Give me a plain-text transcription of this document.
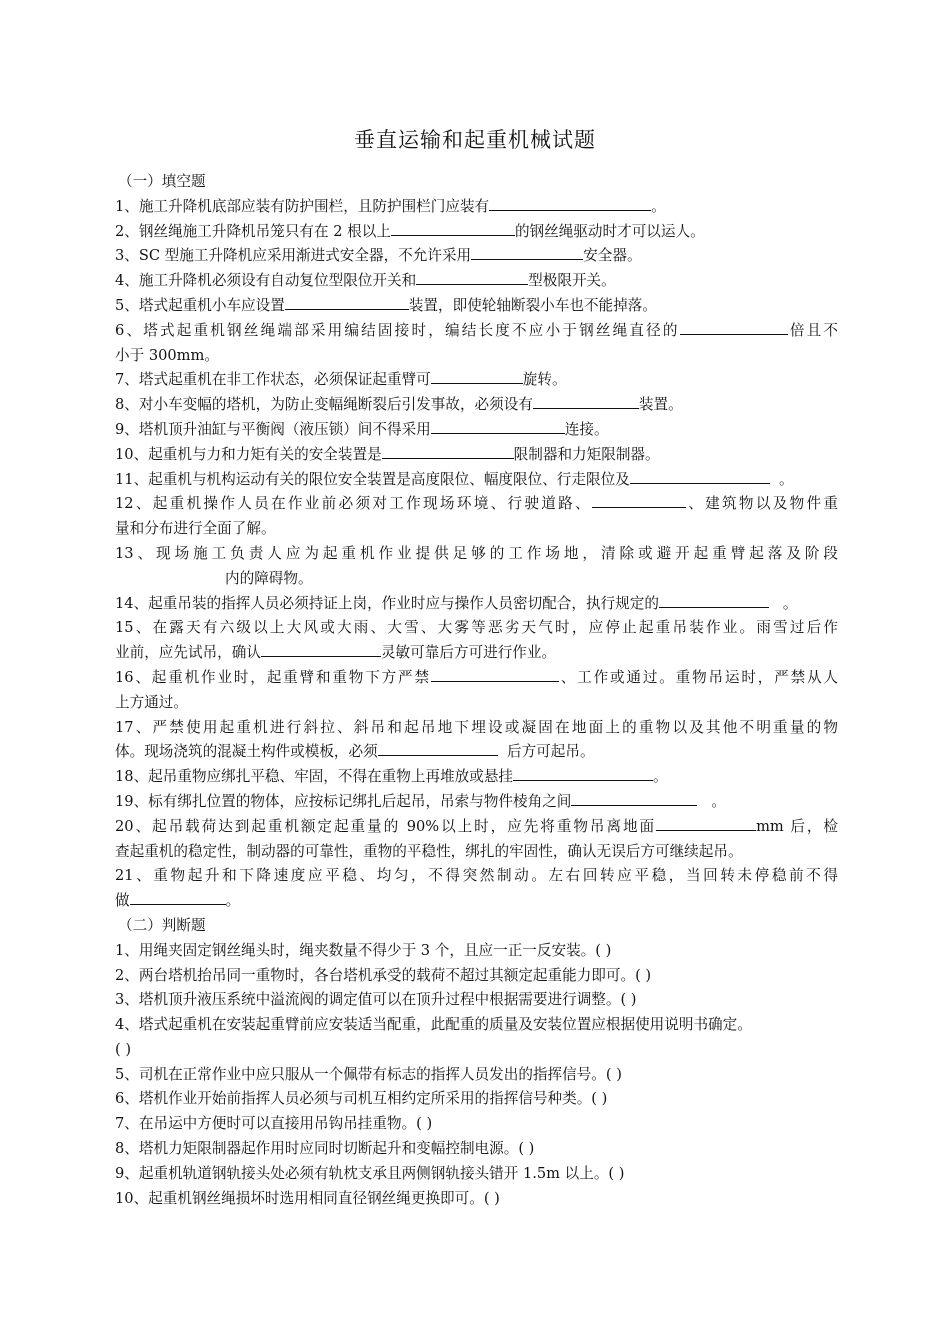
垂直运输和起重机械试题
（一）填空题
1、施工升降机底部应装有防护围栏，且防护围栏门应装有	。
2、钢丝绳施工升降机吊笼只有在 2 根以上	的钢丝绳驱动时才可以运人。
3、SC 型施工升降机应采用渐进式安全器，不允许采用	安全器。
4、施工升降机必须设有自动复位型限位开关和	型极限开关。
5、塔式起重机小车应设置	装置，即使轮轴断裂小车也不能掉落。
6、塔式起重机钢丝绳端部采用编结固接时，编结长度不应小于钢丝绳直径的	倍且不
小于 300mm。
7、塔式起重机在非工作状态，必须保证起重臂可	旋转。
8、对小车变幅的塔机，为防止变幅绳断裂后引发事故，必须设有	装置。
9、塔机顶升油缸与平衡阀（液压锁）间不得采用	连接。
10、起重机与力和力矩有关的安全装置是	限制器和力矩限制器。
11、起重机与机构运动有关的限位安全装置是高度限位、幅度限位、行走限位及	。
12、起重机操作人员在作业前必须对工作现场环境、行驶道路、	、建筑物以及物件重
量和分布进行全面了解。
13、现场施工负责人应为起重机作业提供足够的工作场地，清除或避开起重臂起落及阶段
内的障碍物。
14、起重吊装的指挥人员必须持证上岗，作业时应与操作人员密切配合，执行规定的	。
15、在露天有六级以上大风或大雨、大雪、大雾等恶劣天气时，应停止起重吊装作业。雨雪过后作
业前，应先试吊，确认	灵敏可靠后方可进行作业。
16、起重机作业时，起重臂和重物下方严禁	、工作或通过。重物吊运时，严禁从人
上方通过。
17、严禁使用起重机进行斜拉、斜吊和起吊地下埋设或凝固在地面上的重物以及其他不明重量的物
体。现场浇筑的混凝土构件或模板，必须	后方可起吊。
18、起吊重物应绑扎平稳、牢固，不得在重物上再堆放或悬挂	。
19、标有绑扎位置的物体，应按标记绑扎后起吊，吊索与物件棱角之间	。
20、起吊载荷达到起重机额定起重量的 90%以上时，应先将重物吊离地面	mm 后，检
查起重机的稳定性，制动器的可靠性，重物的平稳性，绑扎的牢固性，确认无误后方可继续起吊。
21、重物起升和下降速度应平稳、均匀，不得突然制动。左右回转应平稳，当回转未停稳前不得
做	。
（二）判断题
1、用绳夹固定钢丝绳头时，绳夹数量不得少于 3 个，且应一正一反安装。( )
2、两台塔机抬吊同一重物时，各台塔机承受的载荷不超过其额定起重能力即可。( )
3、塔机顶升液压系统中溢流阀的调定值可以在顶升过程中根据需要进行调整。( )
4、塔式起重机在安装起重臂前应安装适当配重，此配重的质量及安装位置应根据使用说明书确定。
( )
5、司机在正常作业中应只服从一个佩带有标志的指挥人员发出的指挥信号。( )
6、塔机作业开始前指挥人员必须与司机互相约定所采用的指挥信号种类。( )
7、在吊运中方便时可以直接用吊钩吊挂重物。( )
8、塔机力矩限制器起作用时应同时切断起升和变幅控制电源。( )
9、起重机轨道钢轨接头处必须有轨枕支承且两侧钢轨接头错开 1.5m 以上。( )
10、起重机钢丝绳损坏时选用相同直径钢丝绳更换即可。( )
